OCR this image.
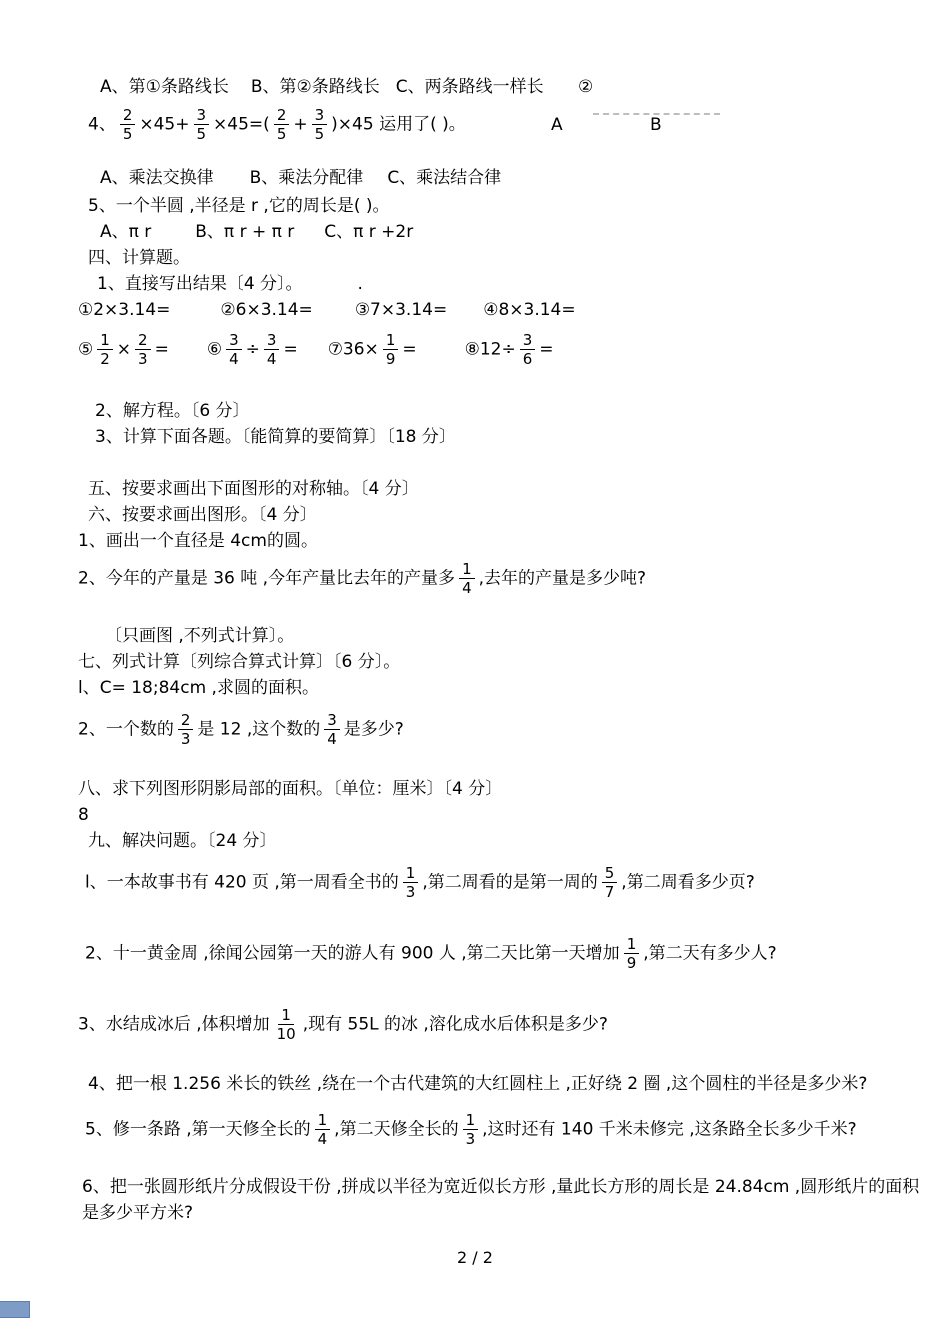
A、第①条路线长 B、第②条路线长 C、两条路线一样长 ②
4、 $\frac{2}{5} \times 45+ \frac{3}{5} \times 45=( \frac{2}{5} + \frac{3}{5} )\times 45$ 运用了( )。	A	B
A、乘法交换律 B、乘法分配律 C、乘法结合律
5、一个半圆 ,半径是 r ,它的周长是( )。
A、π r	B、π r + π r C、π r +2r
四、计算题。
1、直接写出结果〔4 分〕。	.
①2×3.14=	②6×3.14= ③7×3.14= ④8×3.14=
⑤ $\frac{1}{2} \times \frac{2}{3}$ = ⑥ $\frac{3}{4} \div \frac{3}{4}$ = ⑦36× $\frac{1}{9}$ =	⑧12÷ $\frac{3}{6}$ =
2、解方程。〔6 分〕
3、计算下面各题。〔能简算的要简算〕〔18 分〕
五、按要求画出下面图形的对称轴。〔4 分〕
六、按要求画出图形。〔4 分〕
1、画出一个直径是 4cm的圆。
2、今年的产量是 36 吨 ,今年产量比去年的产量多 $\frac{1}{4}$ ,去年的产量是多少吨?
〔只画图 ,不列式计算〕。
七、列式计算〔列综合算式计算〕〔6 分〕。
l、C= 18;84cm ,求圆的面积。
2、一个数的 $\frac{2}{3}$ 是 12 ,这个数的 $\frac{3}{4}$ 是多少?
八、求下列图形阴影局部的面积。〔单位：厘米〕〔4 分〕
8
九、解决问题。〔24 分〕
l、一本故事书有 420 页 ,第一周看全书的 $\frac{1}{3}$ ,第二周看的是第一周的 $\frac{5}{7}$ ,第二周看多少页?
2、十一黄金周 ,徐闻公园第一天的游人有 900 人 ,第二天比第一天增加 $\frac{1}{9}$ ,第二天有多少人?
3、水结成冰后 ,体积增加 $\frac{1}{10}$ ,现有 55L 的冰 ,溶化成水后体积是多少?
4、把一根 1.256 米长的铁丝 ,绕在一个古代建筑的大红圆柱上 ,正好绕 2 圈 ,这个圆柱的半径是多少米?
5、修一条路 ,第一天修全长的 $\frac{1}{4}$ ,第二天修全长的 $\frac{1}{3}$ ,这时还有 140 千米未修完 ,这条路全长多少千米?
6、把一张圆形纸片分成假设干份 ,拼成以半径为宽近似长方形 ,量此长方形的周长是 24.84cm ,圆形纸片的面积是多少平方米?
2 / 2
